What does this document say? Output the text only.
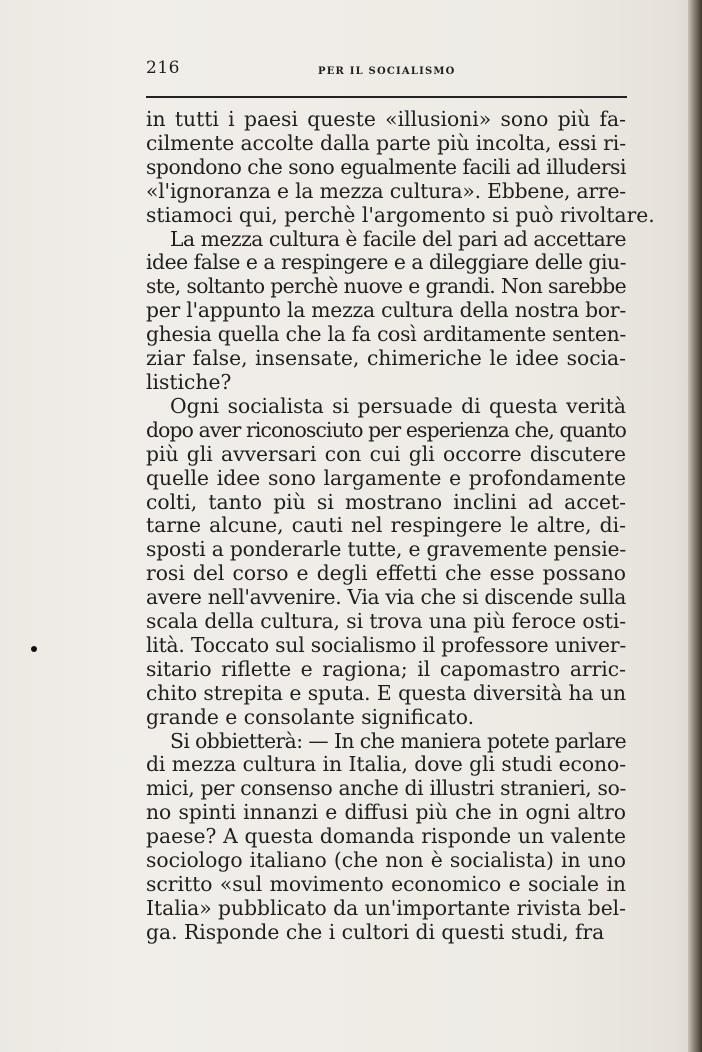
216	PER IL SOCIALISMO
in tutti i paesi queste «illusioni» sono più fa-
cilmente accolte dalla parte più incolta, essi ri-
spondono che sono egualmente facili ad illudersi
«l'ignoranza e la mezza cultura». Ebbene, arre-
stiamoci qui, perchè l'argomento si può rivoltare.
La mezza cultura è facile del pari ad accettare
idee false e a respingere e a dileggiare delle giu-
ste, soltanto perchè nuove e grandi. Non sarebbe
per l'appunto la mezza cultura della nostra bor-
ghesia quella che la fa così arditamente senten-
ziar false, insensate, chimeriche le idee socia-
listiche?
Ogni socialista si persuade di questa verità
dopo aver riconosciuto per esperienza che, quanto
più gli avversari con cui gli occorre discutere
quelle idee sono largamente e profondamente
colti, tanto più si mostrano inclini ad accet-
tarne alcune, cauti nel respingere le altre, di-
sposti a ponderarle tutte, e gravemente pensie-
rosi del corso e degli effetti che esse possano
avere nell'avvenire. Via via che si discende sulla
scala della cultura, si trova una più feroce osti-
lità. Toccato sul socialismo il professore univer-
sitario riflette e ragiona; il capomastro arric-
chito strepita e sputa. E questa diversità ha un
grande e consolante significato.
Si obbietterà: — In che maniera potete parlare
di mezza cultura in Italia, dove gli studi econo-
mici, per consenso anche di illustri stranieri, so-
no spinti innanzi e diffusi più che in ogni altro
paese? A questa domanda risponde un valente
sociologo italiano (che non è socialista) in uno
scritto «sul movimento economico e sociale in
Italia» pubblicato da un'importante rivista bel-
ga. Risponde che i cultori di questi studi, fra
